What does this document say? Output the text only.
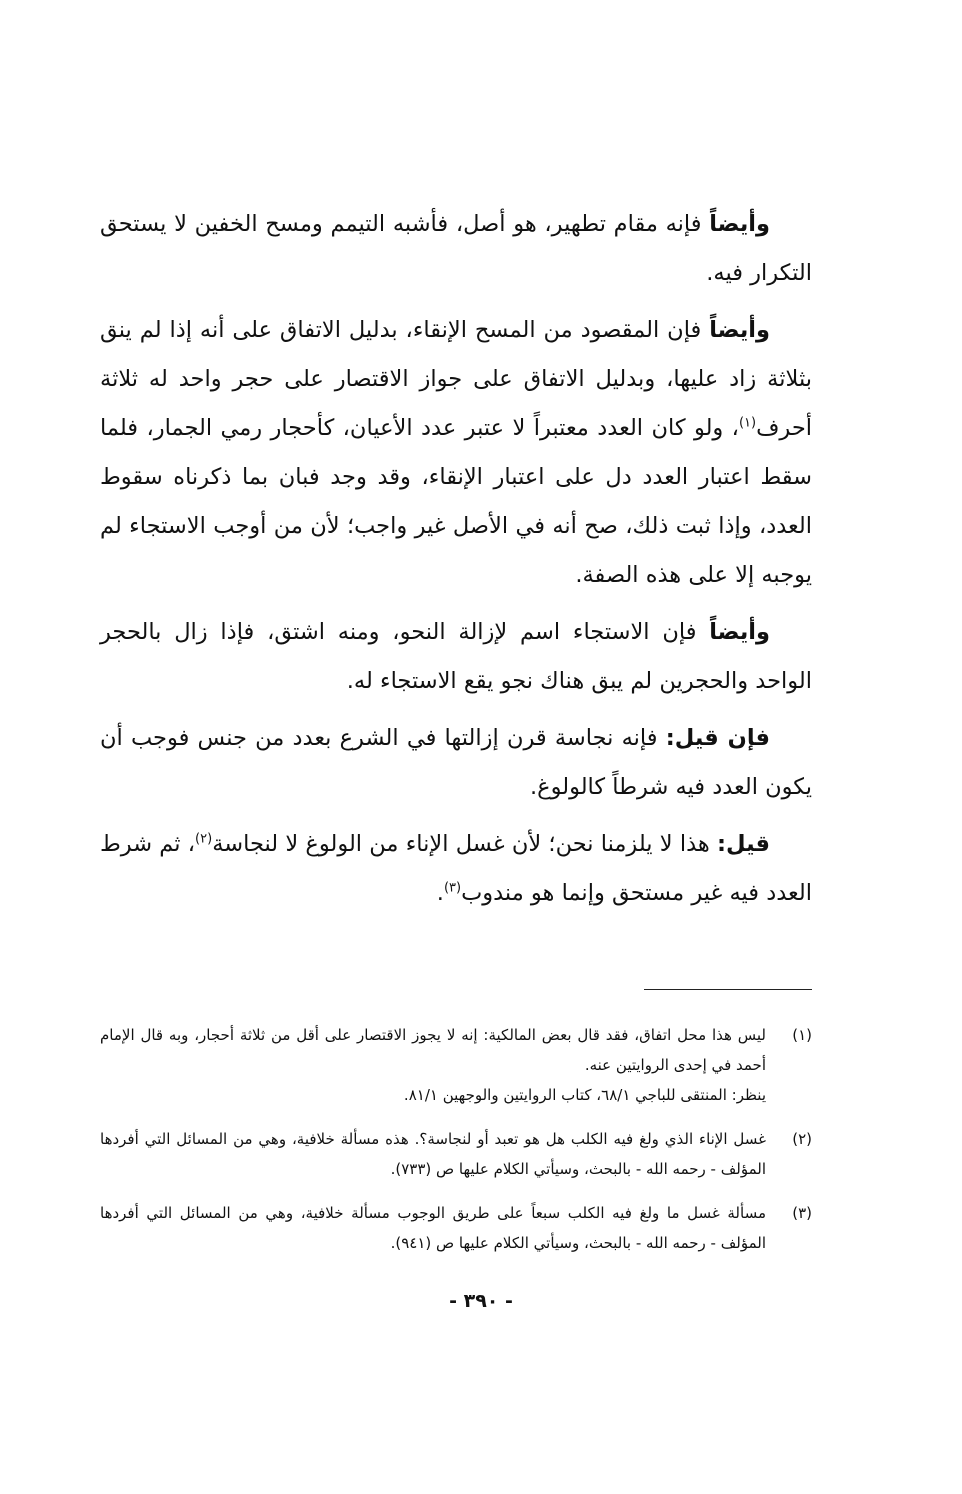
وأيضاً فإنه مقام تطهير، هو أصل، فأشبه التيمم ومسح الخفين لا يستحق التكرار فيه.

وأيضاً فإن المقصود من المسح الإنقاء، بدليل الاتفاق على أنه إذا لم ينق بثلاثة زاد عليها، وبدليل الاتفاق على جواز الاقتصار على حجر واحد له ثلاثة أحرف$^{(١)}$، ولو كان العدد معتبراً لا عتبر عدد الأعيان، كأحجار رمي الجمار، فلما سقط اعتبار العدد دل على اعتبار الإنقاء، وقد وجد فبان بما ذكرناه سقوط العدد، وإذا ثبت ذلك، صح أنه في الأصل غير واجب؛ لأن من أوجب الاستجاء لم يوجبه إلا على هذه الصفة.

وأيضاً فإن الاستجاء اسم لإزالة النحو، ومنه اشتق، فإذا زال بالحجر الواحد والحجرين لم يبق هناك نجو يقع الاستجاء له.

فإن قيل: فإنه نجاسة قرن إزالتها في الشرع بعدد من جنس فوجب أن يكون العدد فيه شرطاً كالولوغ.

قيل: هذا لا يلزمنا نحن؛ لأن غسل الإناء من الولوغ لا لنجاسة$^{(٢)}$، ثم شرط العدد فيه غير مستحق وإنما هو مندوب$^{(٣)}$.

(١)

ليس هذا محل اتفاق، فقد قال بعض المالكية: إنه لا يجوز الاقتصار على أقل من ثلاثة أحجار، وبه قال الإمام أحمد في إحدى الروايتين عنه.

ينظر: المنتقى للباجي ٦٨/١، كتاب الروايتين والوجهين ٨١/١.

(٢)

غسل الإناء الذي ولغ فيه الكلب هل هو تعبد أو لنجاسة؟. هذه مسألة خلافية، وهي من المسائل التي أفردها المؤلف - رحمه الله - بالبحث، وسيأتي الكلام عليها ص (٧٣٣).

(٣)

مسألة غسل ما ولغ فيه الكلب سبعاً على طريق الوجوب مسألة خلافية، وهي من المسائل التي أفردها المؤلف - رحمه الله - بالبحث، وسيأتي الكلام عليها ص (٩٤١).

- ٣٩٠ -
